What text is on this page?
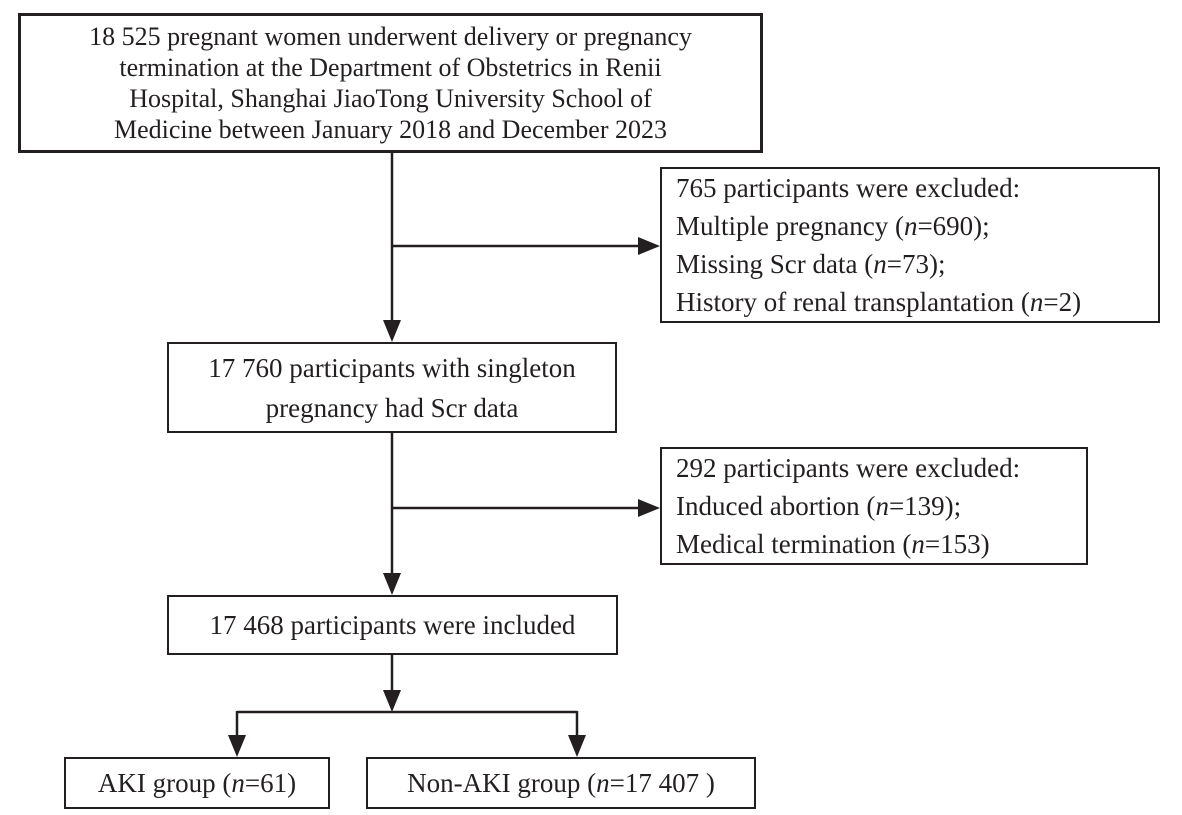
18 525 pregnant women underwent delivery or pregnancy
termination at the Department of Obstetrics in Renii
Hospital, Shanghai JiaoTong University School of
Medicine between January 2018 and December 2023
765 participants were excluded:
Multiple pregnancy (n=690);
Missing Scr data (n=73);
History of renal transplantation (n=2)
17 760 participants with singleton
pregnancy had Scr data
292 participants were excluded:
Induced abortion (n=139);
Medical termination (n=153)
17 468 participants were included
AKI group (n=61)	Non-AKI group (n=17 407 )
